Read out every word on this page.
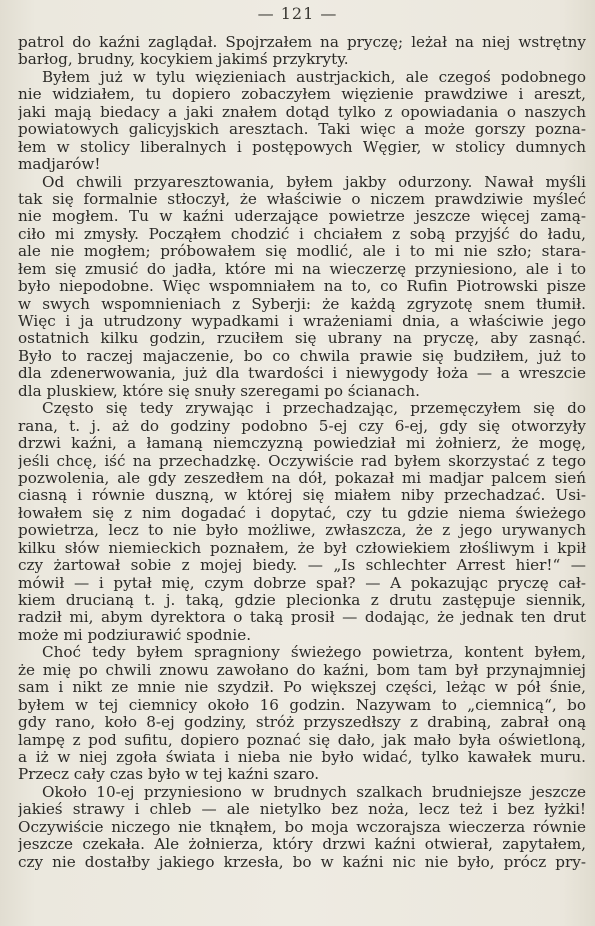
— 121 —
patrol do kaźni zaglądał. Spojrzałem na pryczę; leżał na niej wstrętny
barłog, brudny, kocykiem jakimś przykryty.
Byłem już w tylu więzieniach austrjackich, ale czegoś podobnego
nie widziałem, tu dopiero zobaczyłem więzienie prawdziwe i areszt,
jaki mają biedacy a jaki znałem dotąd tylko z opowiadania o naszych
powiatowych galicyjskich aresztach. Taki więc a może gorszy pozna-
łem w stolicy liberalnych i postępowych Węgier, w stolicy dumnych
madjarów!
Od chwili przyaresztowania, byłem jakby odurzony. Nawał myśli
tak się formalnie stłoczył, że właściwie o niczem prawdziwie myśleć
nie mogłem. Tu w kaźni uderzające powietrze jeszcze więcej zamą-
ciło mi zmysły. Począłem chodzić i chciałem z sobą przyjść do ładu,
ale nie mogłem; próbowałem się modlić, ale i to mi nie szło; stara-
łem się zmusić do jadła, które mi na wieczerzę przyniesiono, ale i to
było niepodobne. Więc wspomniałem na to, co Rufin Piotrowski pisze
w swych wspomnieniach z Syberji: że każdą zgryzotę snem tłumił.
Więc i ja utrudzony wypadkami i wrażeniami dnia, a właściwie jego
ostatnich kilku godzin, rzuciłem się ubrany na pryczę, aby zasnąć.
Było to raczej majaczenie, bo co chwila prawie się budziłem, już to
dla zdenerwowania, już dla twardości i niewygody łoża — a wreszcie
dla pluskiew, które się snuły szeregami po ścianach.
Często się tedy zrywając i przechadzając, przemęczyłem się do
rana, t. j. aż do godziny podobno 5-ej czy 6-ej, gdy się otworzyły
drzwi kaźni, a łamaną niemczyzną powiedział mi żołnierz, że mogę,
jeśli chcę, iść na przechadzkę. Oczywiście rad byłem skorzystać z tego
pozwolenia, ale gdy zeszedłem na dół, pokazał mi madjar palcem sień
ciasną i równie duszną, w której się miałem niby przechadzać. Usi-
łowałem się z nim dogadać i dopytać, czy tu gdzie niema świeżego
powietrza, lecz to nie było możliwe, zwłaszcza, że z jego urywanych
kilku słów niemieckich poznałem, że był człowiekiem złośliwym i kpił
czy żartował sobie z mojej biedy. — „Is schlechter Arrest hier!“ —
mówił — i pytał mię, czym dobrze spał? — A pokazując pryczę cał-
kiem drucianą t. j. taką, gdzie plecionka z drutu zastępuje siennik,
radził mi, abym dyrektora o taką prosił — dodając, że jednak ten drut
może mi podziurawić spodnie.
Choć tedy byłem spragniony świeżego powietrza, kontent byłem,
że mię po chwili znowu zawołano do kaźni, bom tam był przynajmniej
sam i nikt ze mnie nie szydził. Po większej części, leżąc w pół śnie,
byłem w tej ciemnicy około 16 godzin. Nazywam to „ciemnicą“, bo
gdy rano, koło 8-ej godziny, stróż przyszedłszy z drabiną, zabrał oną
lampę z pod sufitu, dopiero poznać się dało, jak mało była oświetloną,
a iż w niej zgoła świata i nieba nie było widać, tylko kawałek muru.
Przecz cały czas było w tej kaźni szaro.
Około 10-ej przyniesiono w brudnych szalkach brudniejsze jeszcze
jakieś strawy i chleb — ale nietylko bez noża, lecz też i bez łyżki!
Oczywiście niczego nie tknąłem, bo moja wczorajsza wieczerza równie
jeszcze czekała. Ale żołnierza, który drzwi kaźni otwierał, zapytałem,
czy nie dostałby jakiego krzesła, bo w kaźni nic nie było, prócz pry-
